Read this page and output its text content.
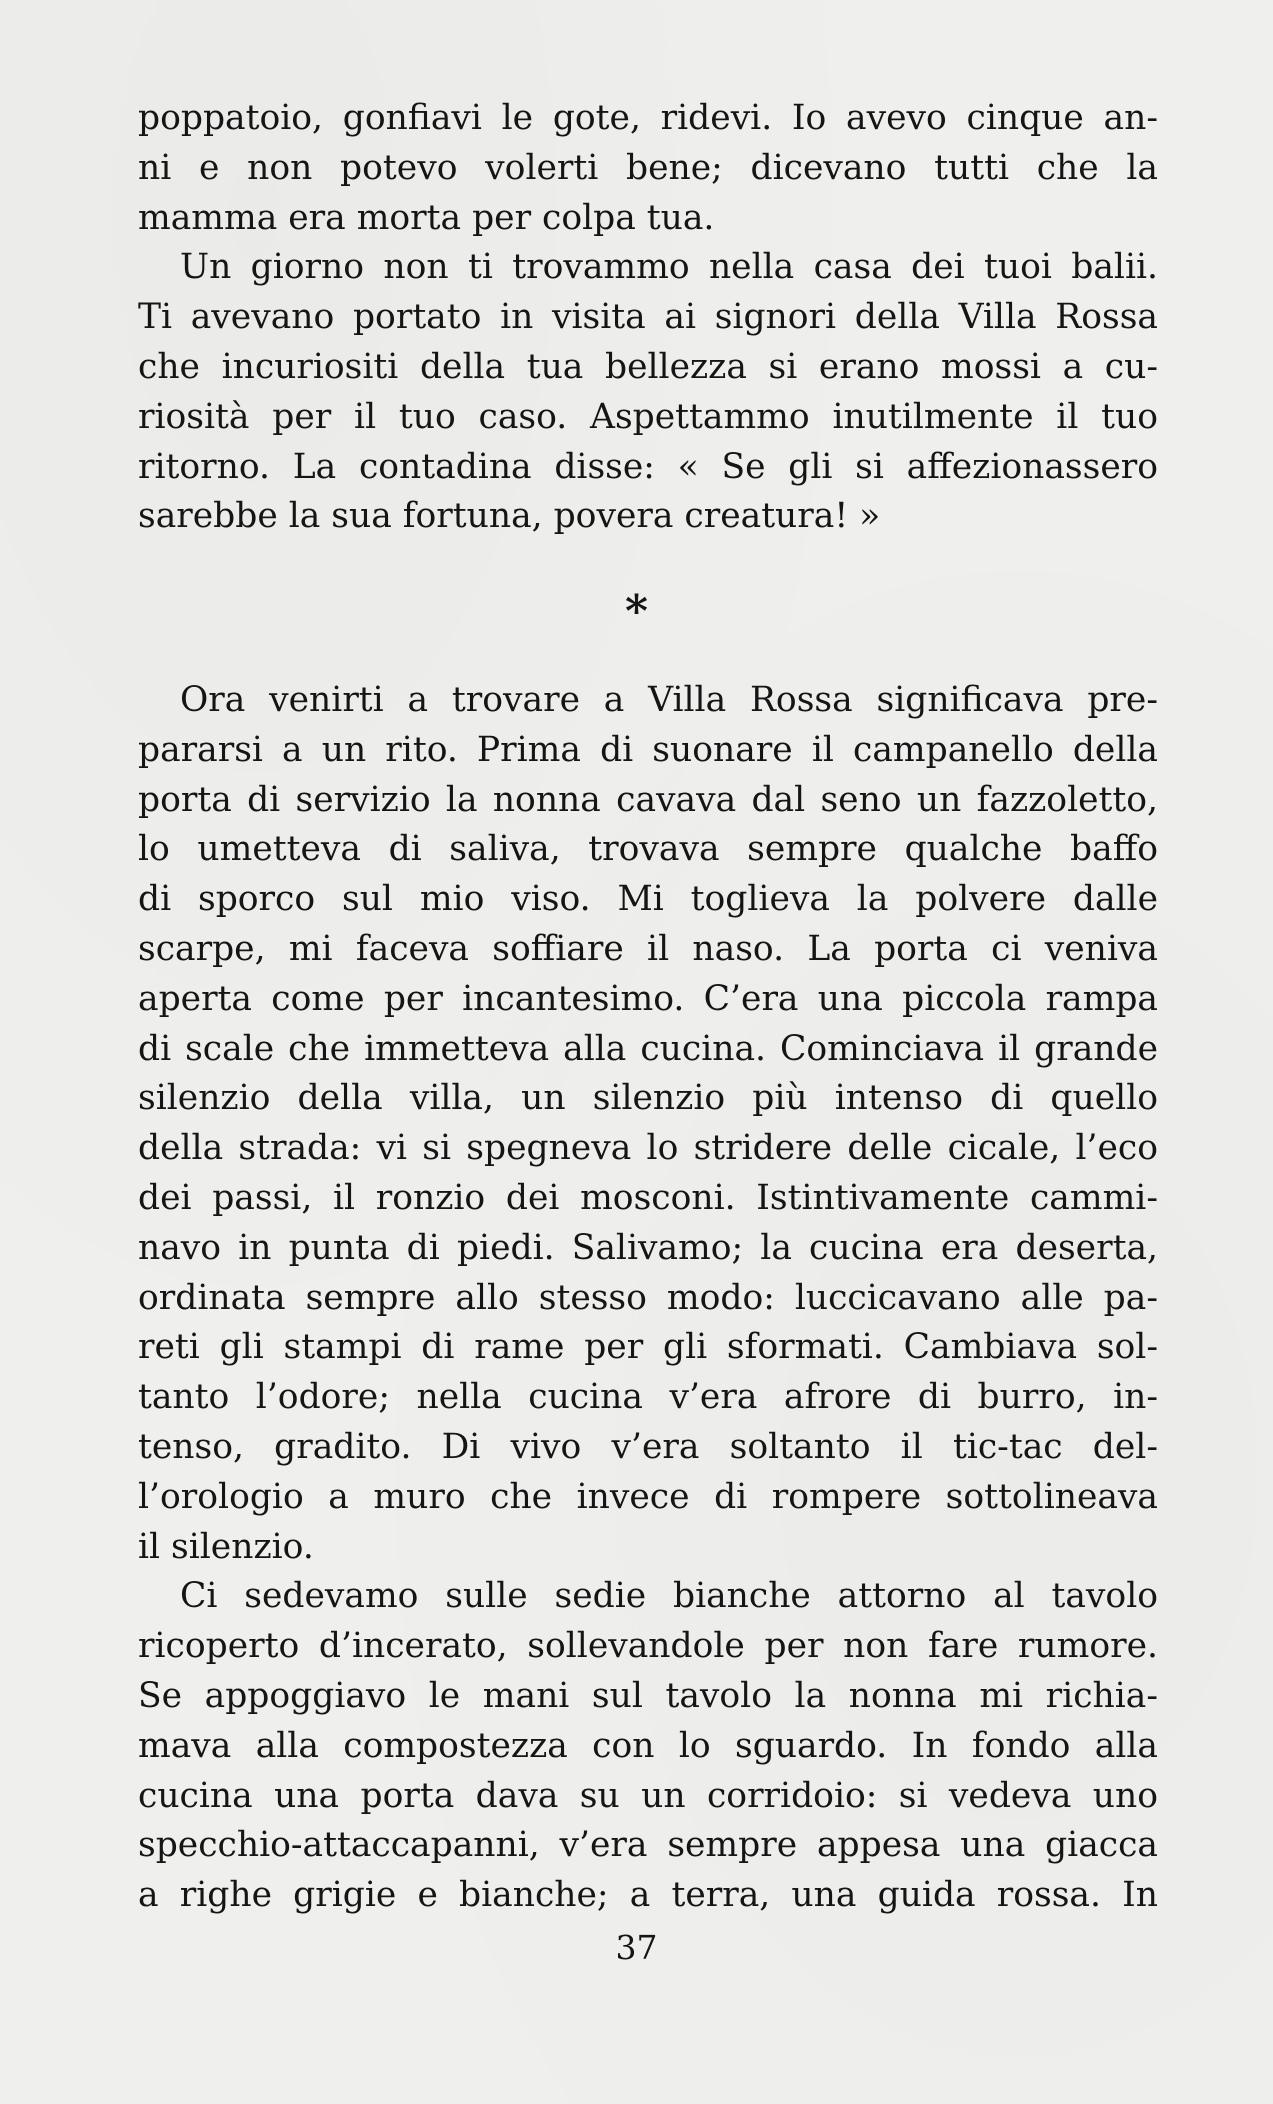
poppatoio, gonfiavi le gote, ridevi. Io avevo cinque an-
ni e non potevo volerti bene; dicevano tutti che la
mamma era morta per colpa tua.
Un giorno non ti trovammo nella casa dei tuoi balii.
Ti avevano portato in visita ai signori della Villa Rossa
che incuriositi della tua bellezza si erano mossi a cu-
riosità per il tuo caso. Aspettammo inutilmente il tuo
ritorno. La contadina disse: « Se gli si affezionassero
sarebbe la sua fortuna, povera creatura! »
*
Ora venirti a trovare a Villa Rossa significava pre-
pararsi a un rito. Prima di suonare il campanello della
porta di servizio la nonna cavava dal seno un fazzoletto,
lo umetteva di saliva, trovava sempre qualche baffo
di sporco sul mio viso. Mi toglieva la polvere dalle
scarpe, mi faceva soffiare il naso. La porta ci veniva
aperta come per incantesimo. C’era una piccola rampa
di scale che immetteva alla cucina. Cominciava il grande
silenzio della villa, un silenzio più intenso di quello
della strada: vi si spegneva lo stridere delle cicale, l’eco
dei passi, il ronzio dei mosconi. Istintivamente cammi-
navo in punta di piedi. Salivamo; la cucina era deserta,
ordinata sempre allo stesso modo: luccicavano alle pa-
reti gli stampi di rame per gli sformati. Cambiava sol-
tanto l’odore; nella cucina v’era afrore di burro, in-
tenso, gradito. Di vivo v’era soltanto il tic-tac del-
l’orologio a muro che invece di rompere sottolineava
il silenzio.
Ci sedevamo sulle sedie bianche attorno al tavolo
ricoperto d’incerato, sollevandole per non fare rumore.
Se appoggiavo le mani sul tavolo la nonna mi richia-
mava alla compostezza con lo sguardo. In fondo alla
cucina una porta dava su un corridoio: si vedeva uno
specchio-attaccapanni, v’era sempre appesa una giacca
a righe grigie e bianche; a terra, una guida rossa. In
37
